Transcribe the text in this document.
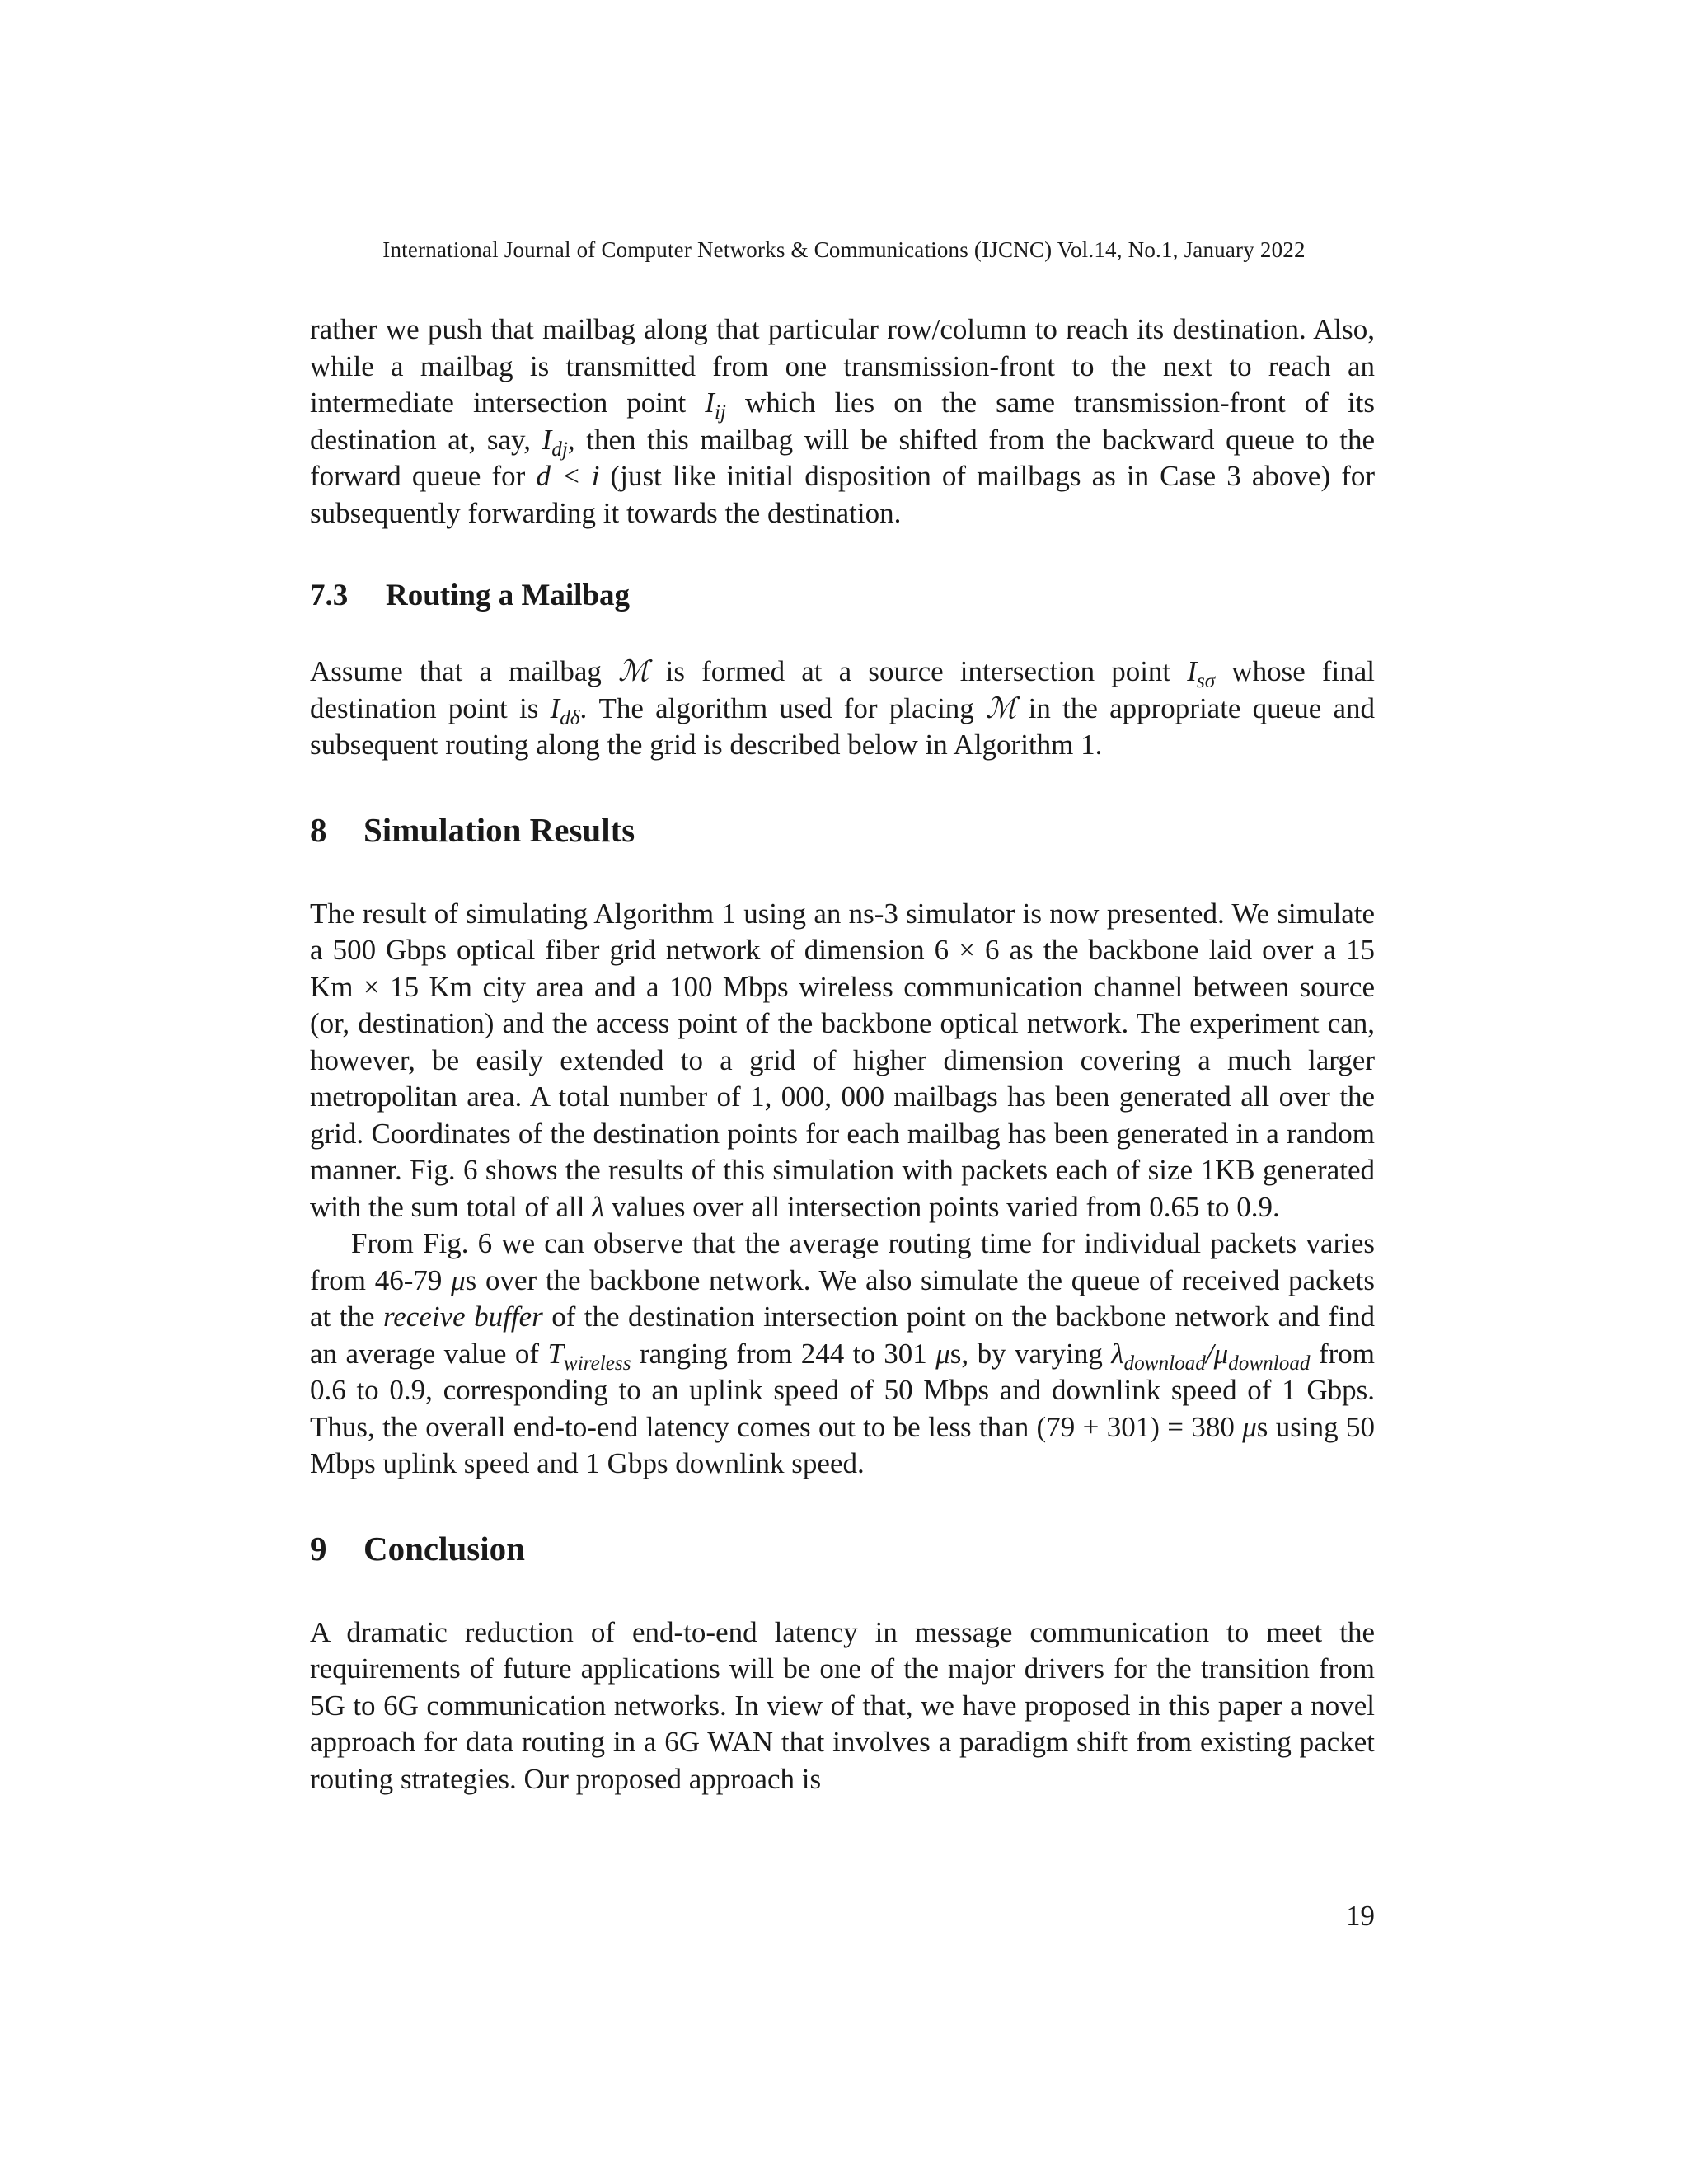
International Journal of Computer Networks & Communications (IJCNC) Vol.14, No.1, January 2022

rather we push that mailbag along that particular row/column to reach its destination. Also, while a mailbag is transmitted from one transmission-front to the next to reach an intermediate intersection point $I_{ij}$ which lies on the same transmission-front of its destination at, say, $I_{dj}$, then this mailbag will be shifted from the backward queue to the forward queue for d < i (just like initial disposition of mailbags as in Case 3 above) for subsequently forwarding it towards the destination.

7.3 Routing a Mailbag

Assume that a mailbag ℳ is formed at a source intersection point $I_{s\sigma}$ whose final destination point is $I_{d\delta}$. The algorithm used for placing ℳ in the appropriate queue and subsequent routing along the grid is described below in Algorithm 1.

8 Simulation Results

The result of simulating Algorithm 1 using an ns-3 simulator is now presented. We simulate a 500 Gbps optical fiber grid network of dimension 6 × 6 as the backbone laid over a 15 Km × 15 Km city area and a 100 Mbps wireless communication channel between source (or, destination) and the access point of the backbone optical network. The experiment can, however, be easily extended to a grid of higher dimension covering a much larger metropolitan area. A total number of 1, 000, 000 mailbags has been generated all over the grid. Coordinates of the destination points for each mailbag has been generated in a random manner. Fig. 6 shows the results of this simulation with packets each of size 1KB generated with the sum total of all λ values over all intersection points varied from 0.65 to 0.9.

From Fig. 6 we can observe that the average routing time for individual packets varies from 46-79 μs over the backbone network. We also simulate the queue of received packets at the receive buffer of the destination intersection point on the backbone network and find an average value of $T_{wireless}$ ranging from 244 to 301 μs, by varying $\lambda_{download}/\mu_{download}$ from 0.6 to 0.9, corresponding to an uplink speed of 50 Mbps and downlink speed of 1 Gbps. Thus, the overall end-to-end latency comes out to be less than (79 + 301) = 380 μs using 50 Mbps uplink speed and 1 Gbps downlink speed.

9 Conclusion

A dramatic reduction of end-to-end latency in message communication to meet the requirements of future applications will be one of the major drivers for the transition from 5G to 6G communication networks. In view of that, we have proposed in this paper a novel approach for data routing in a 6G WAN that involves a paradigm shift from existing packet routing strategies. Our proposed approach is

19
